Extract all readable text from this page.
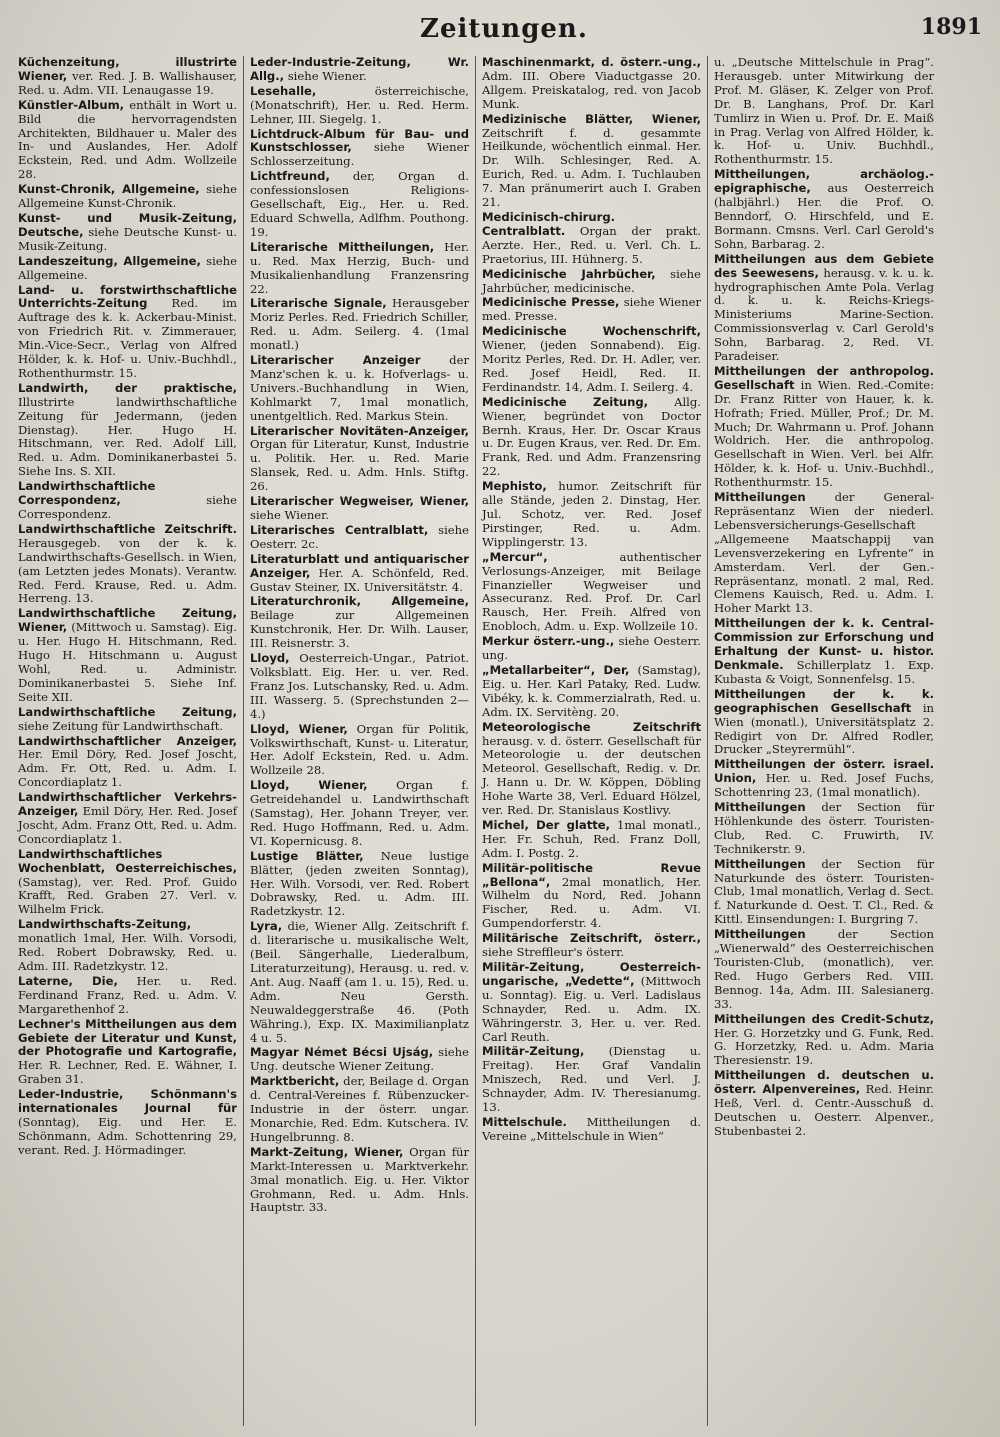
Zeitungen.	1891

Küchenzeitung, illustrirte Wiener, ver. Red. J. B. Wallishauser, Red. u. Adm. VII. Lenaugasse 19.

Künstler-Album, enthält in Wort u. Bild die hervorragendsten Architekten, Bildhauer u. Maler des In- und Auslandes, Her. Adolf Eckstein, Red. und Adm. Wollzeile 28.

Kunst-Chronik, Allgemeine, siehe Allgemeine Kunst-Chronik.

Kunst- und Musik-Zeitung, Deutsche, siehe Deutsche Kunst- u. Musik-Zeitung.

Landeszeitung, Allgemeine, siehe Allgemeine.

Land- u. forstwirthschaftliche Unterrichts-Zeitung Red. im Auftrage des k. k. Ackerbau-Minist. von Friedrich Rit. v. Zimmerauer, Min.-Vice-Secr., Verlag von Alfred Hölder, k. k. Hof- u. Univ.-Buchhdl., Rothenthurmstr. 15.

Landwirth, der praktische, Illustrirte landwirthschaftliche Zeitung für Jedermann, (jeden Dienstag). Her. Hugo H. Hitschmann, ver. Red. Adolf Lill, Red. u. Adm. Dominikanerbastei 5. Siehe Ins. S. XII.

Landwirthschaftliche Correspondenz, siehe Correspondenz.

Landwirthschaftliche Zeitschrift. Herausgegeb. von der k. k. Landwirthschafts-Gesellsch. in Wien, (am Letzten jedes Monats). Verantw. Red. Ferd. Krause, Red. u. Adm. Herreng. 13.

Landwirthschaftliche Zeitung, Wiener, (Mittwoch u. Samstag). Eig. u. Her. Hugo H. Hitschmann, Red. Hugo H. Hitschmann u. August Wohl, Red. u. Administr. Dominikanerbastei 5. Siehe Inf. Seite XII.

Landwirthschaftliche Zeitung, siehe Zeitung für Landwirthschaft.

Landwirthschaftlicher Anzeiger, Her. Emil Döry, Red. Josef Joscht, Adm. Fr. Ott, Red. u. Adm. I. Concordiaplatz 1.

Landwirthschaftlicher Verkehrs-Anzeiger, Emil Döry, Her. Red. Josef Joscht, Adm. Franz Ott, Red. u. Adm. Concordiaplatz 1.

Landwirthschaftliches Wochenblatt, Oesterreichisches, (Samstag), ver. Red. Prof. Guido Krafft, Red. Graben 27. Verl. v. Wilhelm Frick.

Landwirthschafts-Zeitung, monatlich 1mal, Her. Wilh. Vorsodi, Red. Robert Dobrawsky, Red. u. Adm. III. Radetzkystr. 12.

Laterne, Die, Her. u. Red. Ferdinand Franz, Red. u. Adm. V. Margarethenhof 2.

Lechner's Mittheilungen aus dem Gebiete der Literatur und Kunst, der Photografie und Kartografie, Her. R. Lechner, Red. E. Wähner, I. Graben 31.

Leder-Industrie, Schönmann's internationales Journal für (Sonntag), Eig. und Her. E. Schönmann, Adm. Schottenring 29, verant. Red. J. Hörmadinger.

Leder-Industrie-Zeitung, Wr. Allg., siehe Wiener.

Lesehalle, österreichische, (Monatschrift), Her. u. Red. Herm. Lehner, III. Siegelg. 1.

Lichtdruck-Album für Bau- und Kunstschlosser, siehe Wiener Schlosserzeitung.

Lichtfreund, der, Organ d. confessionslosen Religions-Gesellschaft, Eig., Her. u. Red. Eduard Schwella, Adlfhm. Pouthong. 19.

Literarische Mittheilungen, Her. u. Red. Max Herzig, Buch- und Musikalienhandlung Franzensring 22.

Literarische Signale, Herausgeber Moriz Perles. Red. Friedrich Schiller, Red. u. Adm. Seilerg. 4. (1mal monatl.)

Literarischer Anzeiger der Manz'schen k. u. k. Hofverlags- u. Univers.-Buchhandlung in Wien, Kohlmarkt 7, 1mal monatlich, unentgeltlich. Red. Markus Stein.

Literarischer Novitäten-Anzeiger, Organ für Literatur, Kunst, Industrie u. Politik. Her. u. Red. Marie Slansek, Red. u. Adm. Hnls. Stiftg. 26.

Literarischer Wegweiser, Wiener, siehe Wiener.

Literarisches Centralblatt, siehe Oesterr. 2c.

Literaturblatt und antiquarischer Anzeiger, Her. A. Schönfeld, Red. Gustav Steiner, IX. Universitätstr. 4.

Literaturchronik, Allgemeine, Beilage zur Allgemeinen Kunstchronik, Her. Dr. Wilh. Lauser, III. Reisnerstr. 3.

Lloyd, Oesterreich-Ungar., Patriot. Volksblatt. Eig. Her. u. ver. Red. Franz Jos. Lutschansky, Red. u. Adm. III. Wasserg. 5. (Sprechstunden 2—4.)

Lloyd, Wiener, Organ für Politik, Volkswirthschaft, Kunst- u. Literatur, Her. Adolf Eckstein, Red. u. Adm. Wollzeile 28.

Lloyd, Wiener, Organ f. Getreidehandel u. Landwirthschaft (Samstag), Her. Johann Treyer, ver. Red. Hugo Hoffmann, Red. u. Adm. VI. Kopernicusg. 8.

Lustige Blätter, Neue lustige Blätter, (jeden zweiten Sonntag), Her. Wilh. Vorsodi, ver. Red. Robert Dobrawsky, Red. u. Adm. III. Radetzkystr. 12.

Lyra, die, Wiener Allg. Zeitschrift f. d. literarische u. musikalische Welt, (Beil. Sängerhalle, Liederalbum, Literaturzeitung), Herausg. u. red. v. Ant. Aug. Naaff (am 1. u. 15), Red. u. Adm. Neu Gersth. Neuwaldeggerstraße 46. (Poth Währing.), Exp. IX. Maximilianplatz 4 u. 5.

Magyar Német Bécsi Ujság, siehe Ung. deutsche Wiener Zeitung.

Marktbericht, der, Beilage d. Organ d. Central-Vereines f. Rübenzucker-Industrie in der österr. ungar. Monarchie, Red. Edm. Kutschera. IV. Hungelbrunng. 8.

Markt-Zeitung, Wiener, Organ für Markt-Interessen u. Marktverkehr. 3mal monatlich. Eig. u. Her. Viktor Grohmann, Red. u. Adm. Hnls. Hauptstr. 33.

Maschinenmarkt, d. österr.-ung., Adm. III. Obere Viaductgasse 20. Allgem. Preiskatalog, red. von Jacob Munk.

Medizinische Blätter, Wiener, Zeitschrift f. d. gesammte Heilkunde, wöchentlich einmal. Her. Dr. Wilh. Schlesinger, Red. A. Eurich, Red. u. Adm. I. Tuchlauben 7. Man pränumerirt auch I. Graben 21.

Medicinisch-chirurg. Centralblatt. Organ der prakt. Aerzte. Her., Red. u. Verl. Ch. L. Praetorius, III. Hühnerg. 5.

Medicinische Jahrbücher, siehe Jahrbücher, medicinische.

Medicinische Presse, siehe Wiener med. Presse.

Medicinische Wochenschrift, Wiener, (jeden Sonnabend). Eig. Moritz Perles, Red. Dr. H. Adler, ver. Red. Josef Heidl, Red. II. Ferdinandstr. 14, Adm. I. Seilerg. 4.

Medicinische Zeitung, Allg. Wiener, begründet von Doctor Bernh. Kraus, Her. Dr. Oscar Kraus u. Dr. Eugen Kraus, ver. Red. Dr. Em. Frank, Red. und Adm. Franzensring 22.

Mephisto, humor. Zeitschrift für alle Stände, jeden 2. Dinstag, Her. Jul. Schotz, ver. Red. Josef Pirstinger, Red. u. Adm. Wipplingerstr. 13.

„Mercur“, authentischer Verlosungs-Anzeiger, mit Beilage Finanzieller Wegweiser und Assecuranz. Red. Prof. Dr. Carl Rausch, Her. Freih. Alfred von Enobloch, Adm. u. Exp. Wollzeile 10.

Merkur österr.-ung., siehe Oesterr. ung.

„Metallarbeiter“, Der, (Samstag), Eig. u. Her. Karl Pataky, Red. Ludw. Vibéky, k. k. Commerzialrath, Red. u. Adm. IX. Servitèng. 20.

Meteorologische Zeitschrift herausg. v. d. österr. Gesellschaft für Meteorologie u. der deutschen Meteorol. Gesellschaft, Redig. v. Dr. J. Hann u. Dr. W. Köppen, Döbling Hohe Warte 38, Verl. Eduard Hölzel, ver. Red. Dr. Stanislaus Kostlivy.

Michel, Der glatte, 1mal monatl., Her. Fr. Schuh, Red. Franz Doll, Adm. I. Postg. 2.

Militär-politische Revue „Bellona“, 2mal monatlich, Her. Wilhelm du Nord, Red. Johann Fischer, Red. u. Adm. VI. Gumpendorferstr. 4.

Militärische Zeitschrift, österr., siehe Streffleur's österr.

Militär-Zeitung, Oesterreich-ungarische, „Vedette“, (Mittwoch u. Sonntag). Eig. u. Verl. Ladislaus Schnayder, Red. u. Adm. IX. Währingerstr. 3, Her. u. ver. Red. Carl Reuth.

Militär-Zeitung, (Dienstag u. Freitag). Her. Graf Vandalin Mniszech, Red. und Verl. J. Schnayder, Adm. IV. Theresianumg. 13.

Mittelschule. Mittheilungen d. Vereine „Mittelschule in Wien“

u. „Deutsche Mittelschule in Prag“. Herausgeb. unter Mitwirkung der Prof. M. Gläser, K. Zelger von Prof. Dr. B. Langhans, Prof. Dr. Karl Tumlirz in Wien u. Prof. Dr. E. Maiß in Prag. Verlag von Alfred Hölder, k. k. Hof- u. Univ. Buchhdl., Rothenthurmstr. 15.

Mittheilungen, archäolog.-epigraphische, aus Oesterreich (halbjährl.) Her. die Prof. O. Benndorf, O. Hirschfeld, und E. Bormann. Cmsns. Verl. Carl Gerold's Sohn, Barbarag. 2.

Mittheilungen aus dem Gebiete des Seewesens, herausg. v. k. u. k. hydrographischen Amte Pola. Verlag d. k. u. k. Reichs-Kriegs-Ministeriums Marine-Section. Commissionsverlag v. Carl Gerold's Sohn, Barbarag. 2, Red. VI. Paradeiser.

Mittheilungen der anthropolog. Gesellschaft in Wien. Red.-Comite: Dr. Franz Ritter von Hauer, k. k. Hofrath; Fried. Müller, Prof.; Dr. M. Much; Dr. Wahrmann u. Prof. Johann Woldrich. Her. die anthropolog. Gesellschaft in Wien. Verl. bei Alfr. Hölder, k. k. Hof- u. Univ.-Buchhdl., Rothenthurmstr. 15.

Mittheilungen der General-Repräsentanz Wien der niederl. Lebensversicherungs-Gesellschaft „Allgemeene Maatschappij van Levensverzekering en Lyfrente“ in Amsterdam. Verl. der Gen.-Repräsentanz, monatl. 2 mal, Red. Clemens Kauisch, Red. u. Adm. I. Hoher Markt 13.

Mittheilungen der k. k. Central-Commission zur Erforschung und Erhaltung der Kunst- u. histor. Denkmale. Schillerplatz 1. Exp. Kubasta & Voigt, Sonnenfelsg. 15.

Mittheilungen der k. k. geographischen Gesellschaft in Wien (monatl.), Universitätsplatz 2. Redigirt von Dr. Alfred Rodler, Drucker „Steyrermühl“.

Mittheilungen der österr. israel. Union, Her. u. Red. Josef Fuchs, Schottenring 23, (1mal monatlich).

Mittheilungen der Section für Höhlenkunde des österr. Touristen-Club, Red. C. Fruwirth, IV. Technikerstr. 9.

Mittheilungen der Section für Naturkunde des österr. Touristen-Club, 1mal monatlich, Verlag d. Sect. f. Naturkunde d. Oest. T. Cl., Red. & Kittl. Einsendungen: I. Burgring 7.

Mittheilungen der Section „Wienerwald“ des Oesterreichischen Touristen-Club, (monatlich), ver. Red. Hugo Gerbers Red. VIII. Bennog. 14a, Adm. III. Salesianerg. 33.

Mittheilungen des Credit-Schutz, Her. G. Horzetzky und G. Funk, Red. G. Horzetzky, Red. u. Adm. Maria Theresienstr. 19.

Mittheilungen d. deutschen u. österr. Alpenvereines, Red. Heinr. Heß, Verl. d. Centr.-Ausschuß d. Deutschen u. Oesterr. Alpenver., Stubenbastei 2.
